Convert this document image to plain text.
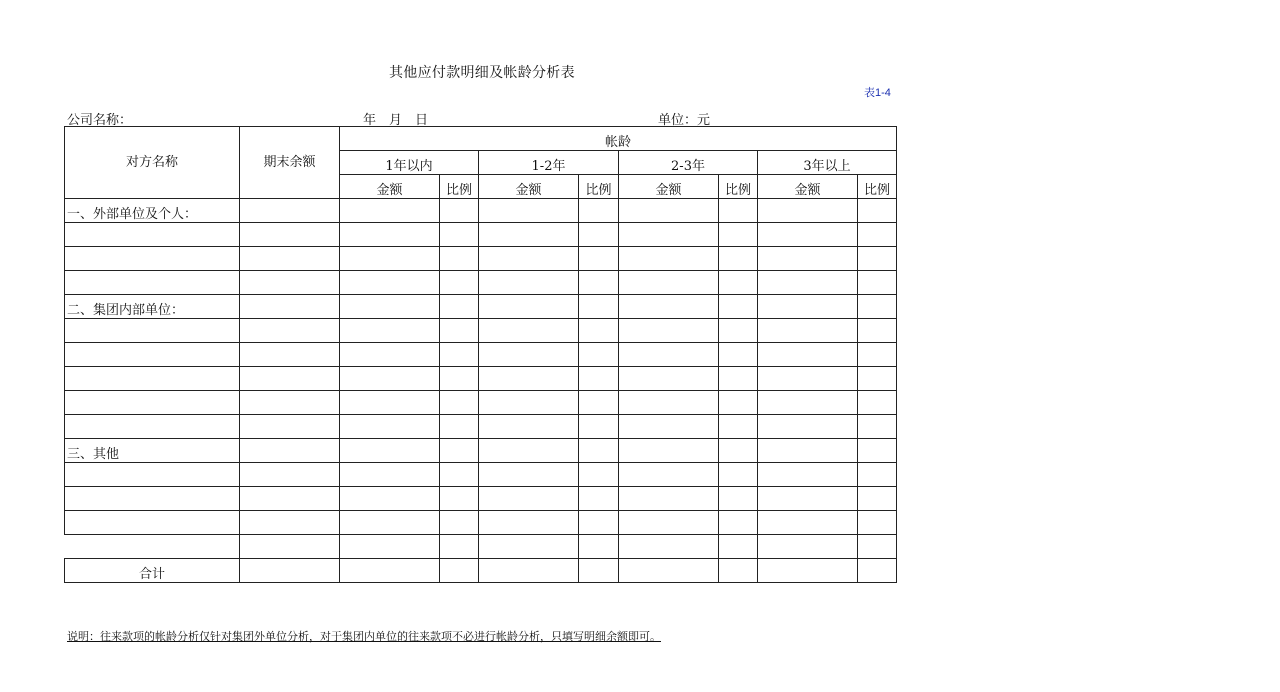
其他应付款明细及帐龄分析表
表1-4
公司名称：	年　月　日	单位：元
对方名称	期末余额	帐龄							
		1年以内		1-2年		2-3年		3年以上	
		金额	比例	金额	比例	金额	比例	金额	比例
一、外部单位及个人：									

二、集团内部单位：									

三、其他									

合计									
说明：往来款项的帐龄分析仅针对集团外单位分析，对于集团内单位的往来款项不必进行帐龄分析，只填写明细余额即可。
